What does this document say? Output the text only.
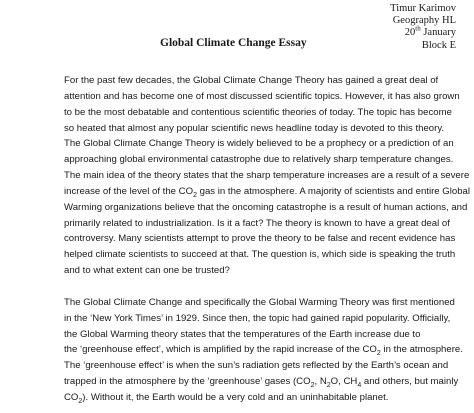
Timur Karimov
Geography HL
20th January
Block E
Global Climate Change Essay
For the past few decades, the Global Climate Change Theory has gained a great deal of
attention and has become one of most discussed scientific topics. However, it has also grown
to be the most debatable and contentious scientific theories of today. The topic has become
so heated that almost any popular scientific news headline today is devoted to this theory.
The Global Climate Change Theory is widely believed to be a prophecy or a prediction of an
approaching global environmental catastrophe due to relatively sharp temperature changes.
The main idea of the theory states that the sharp temperature increases are a result of a severe
increase of the level of the $CO_2$ gas in the atmosphere. A majority of scientists and entire Global
Warming organizations believe that the oncoming catastrophe is a result of human actions, and
primarily related to industrialization. Is it a fact? The theory is known to have a great deal of
controversy. Many scientists attempt to prove the theory to be false and recent evidence has
helped climate scientists to succeed at that. The question is, which side is speaking the truth
and to what extent can one be trusted?
The Global Climate Change and specifically the Global Warming Theory was first mentioned
in the ‘New York Times’ in 1929. Since then, the topic had gained rapid popularity. Officially,
the Global Warming theory states that the temperatures of the Earth increase due to
the ‘greenhouse effect’, which is amplified by the rapid increase of the $CO_2$ in the atmosphere.
The ‘greenhouse effect’ is when the sun’s radiation gets reflected by the Earth’s ocean and
trapped in the atmosphere by the ‘greenhouse’ gases ($CO_2$, $N_2O$, $CH_4$ and others, but mainly
$CO_2$). Without it, the Earth would be a very cold and an uninhabitable planet.
